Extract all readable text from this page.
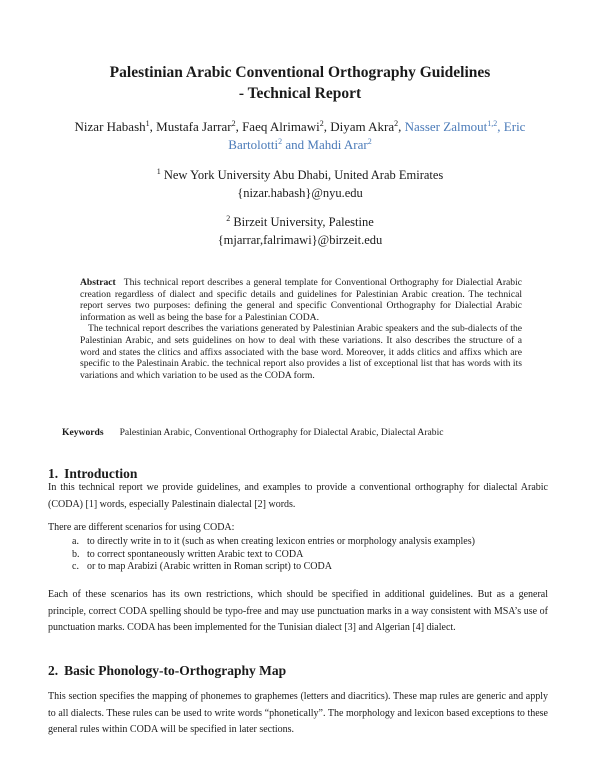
Palestinian Arabic Conventional Orthography Guidelines
- Technical Report
Nizar Habash$^1$, Mustafa Jarrar$^2$, Faeq Alrimawi$^2$, Diyam Akra$^2$, Nasser Zalmout$^{1,2}$, Eric Bartolotti$^2$ and Mahdi Arar$^2$
$^1$ New York University Abu Dhabi, United Arab Emirates
{nizar.habash}@nyu.edu
$^2$ Birzeit University, Palestine
{mjarrar,falrimawi}@birzeit.edu

Abstract This technical report describes a general template for Conventional Orthography for Dialectial Arabic creation regardless of dialect and specific details and guidelines for Palestinian Arabic creation. The technical report serves two purposes: defining the general and specific Conventional Orthography for Dialectial Arabic information as well as being the base for a Palestinian CODA.

The technical report describes the variations generated by Palestinian Arabic speakers and the sub-dialects of the Palestinian Arabic, and sets guidelines on how to deal with these variations. It also describes the structure of a word and states the clitics and affixs associated with the base word. Moreover, it adds clitics and affixs which are specific to the Palestinain Arabic. the technical report also provides a list of exceptional list that has words with its variations and which variation to be used as the CODA form.

Keywords Palestinian Arabic, Conventional Orthography for Dialectal Arabic, Dialectal Arabic
1. Introduction

In this technical report we provide guidelines, and examples to provide a conventional orthography for dialectal Arabic (CODA) [1] words, especially Palestinain dialectal [2] words.

There are different scenarios for using CODA:

a. to directly write in to it (such as when creating lexicon entries or morphology analysis examples)
b. to correct spontaneously written Arabic text to CODA
c. or to map Arabizi (Arabic written in Roman script) to CODA

Each of these scenarios has its own restrictions, which should be specified in additional guidelines. But as a general principle, correct CODA spelling should be typo-free and may use punctuation marks in a way consistent with MSA’s use of punctuation marks. CODA has been implemented for the Tunisian dialect [3] and Algerian [4] dialect.

2. Basic Phonology-to-Orthography Map

This section specifies the mapping of phonemes to graphemes (letters and diacritics). These map rules are generic and apply to all dialects. These rules can be used to write words “phonetically”. The morphology and lexicon based exceptions to these general rules within CODA will be specified in later sections.
